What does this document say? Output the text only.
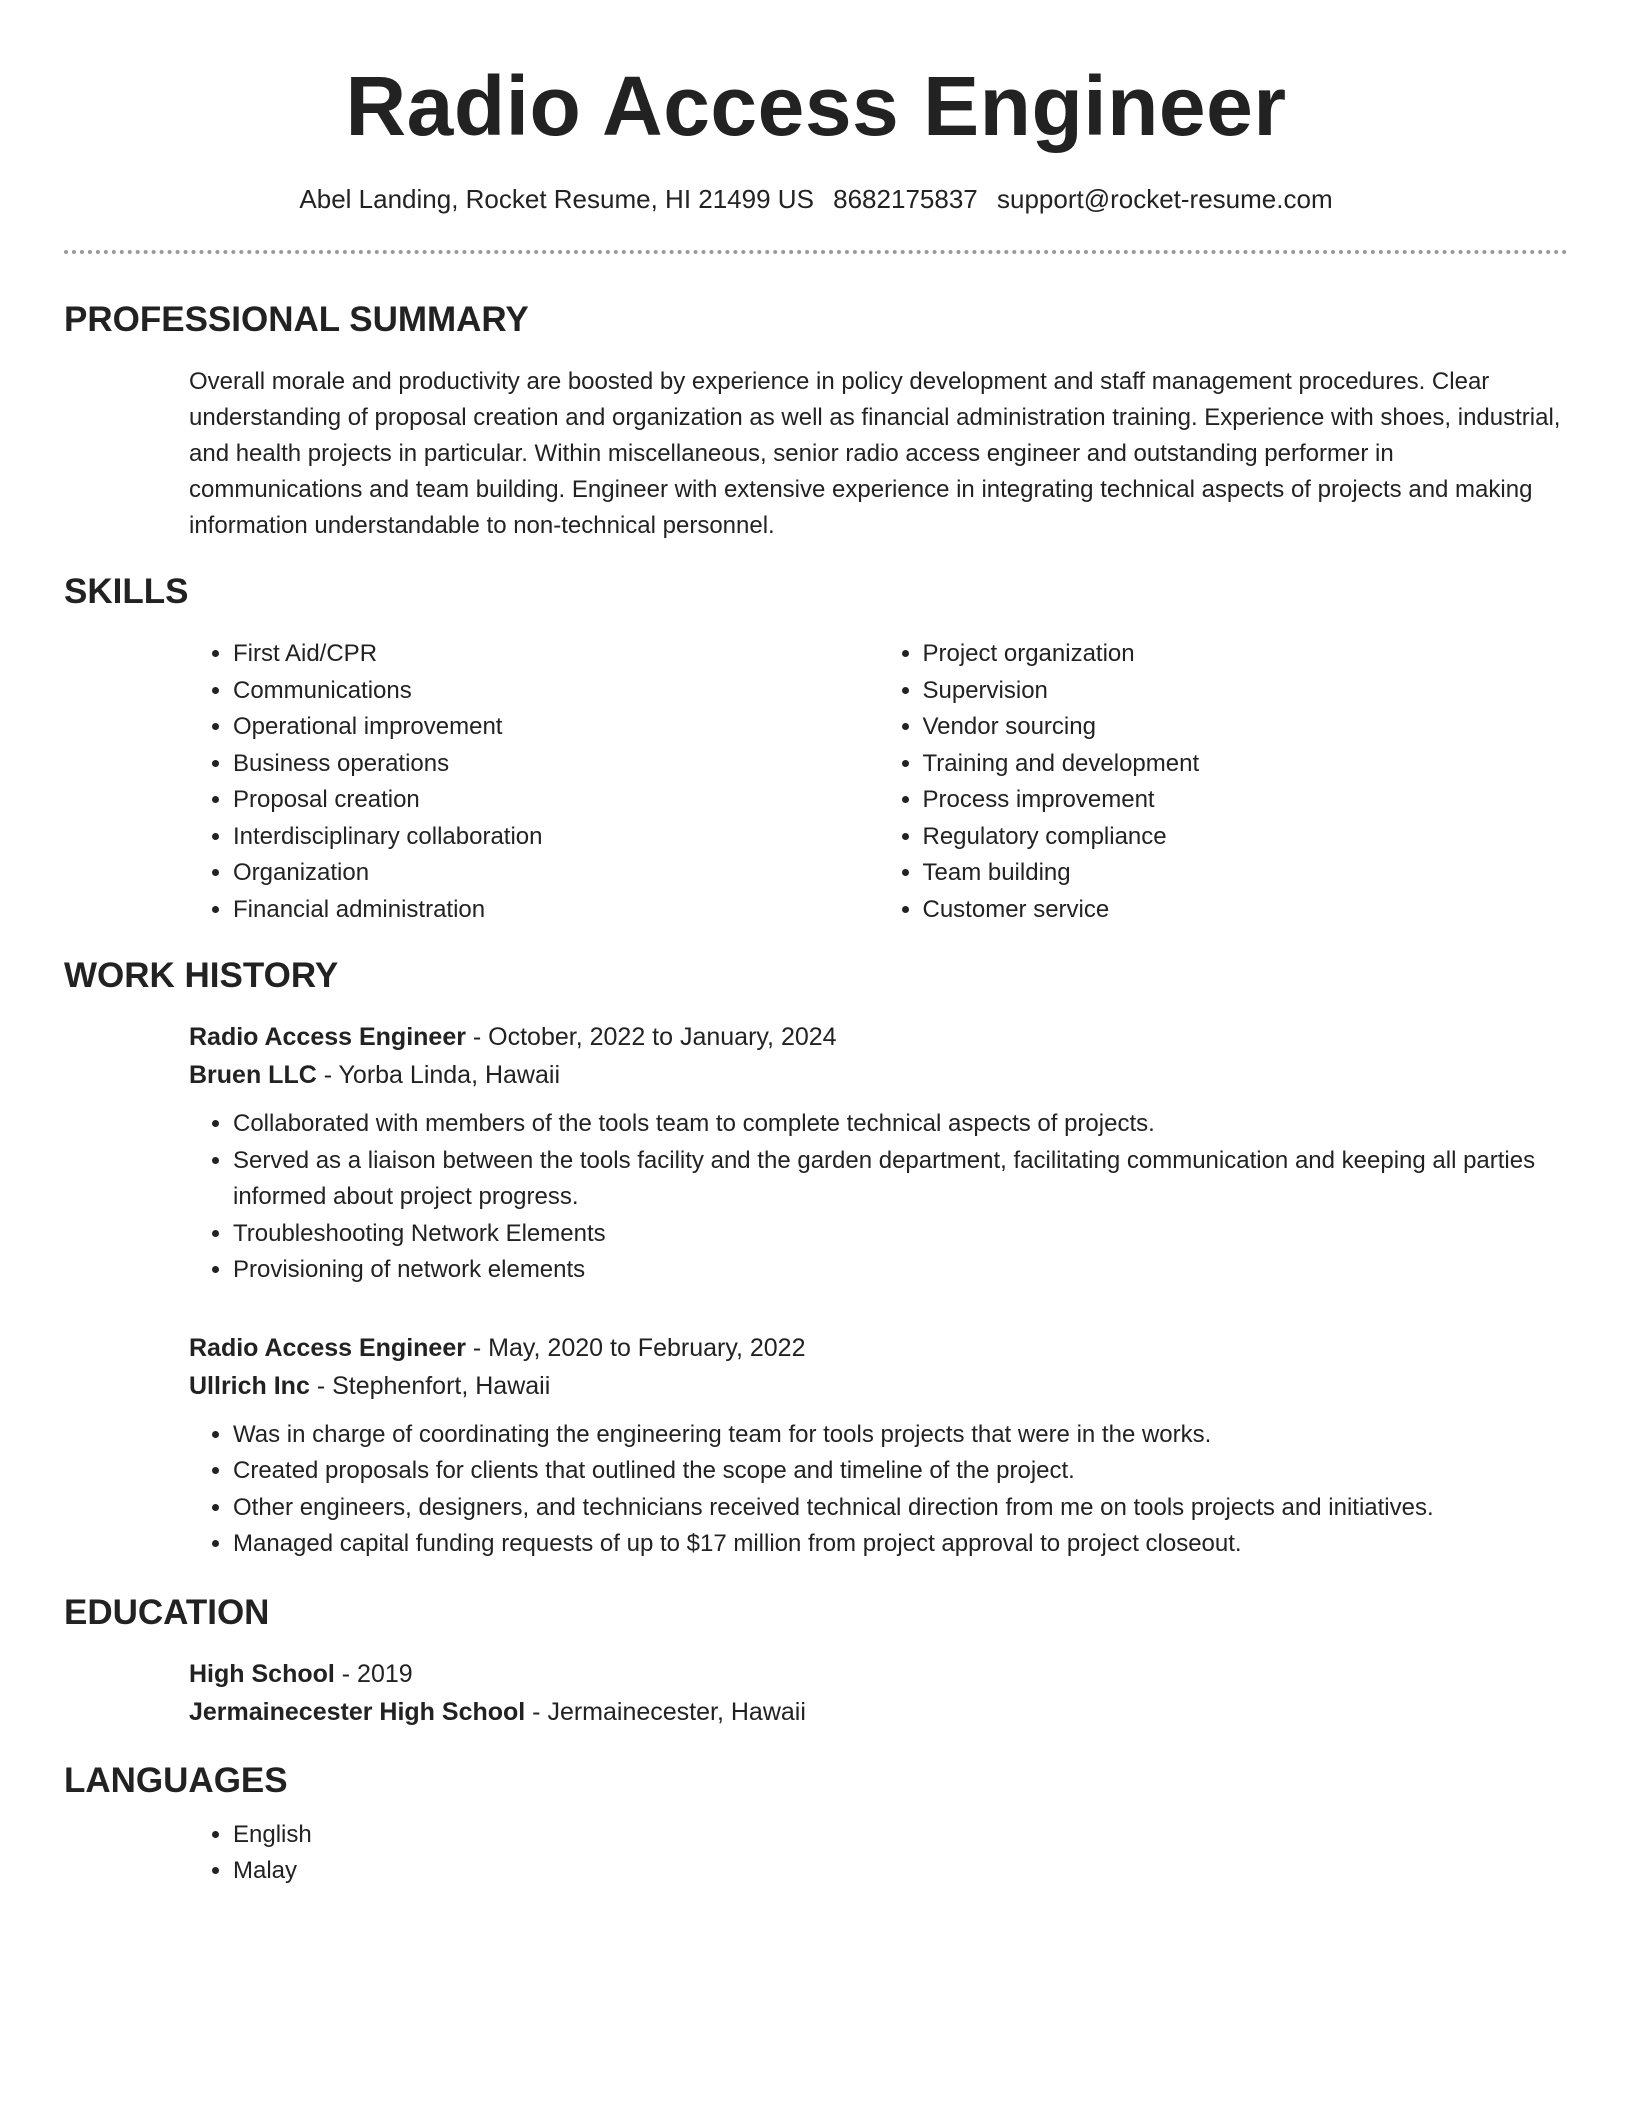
Radio Access Engineer
Abel Landing, Rocket Resume, HI 21499 US 8682175837 support@rocket-resume.com
PROFESSIONAL SUMMARY
Overall morale and productivity are boosted by experience in policy development and staff management procedures. Clear understanding of proposal creation and organization as well as financial administration training. Experience with shoes, industrial, and health projects in particular. Within miscellaneous, senior radio access engineer and outstanding performer in communications and team building. Engineer with extensive experience in integrating technical aspects of projects and making information understandable to non-technical personnel.
SKILLS
• First Aid/CPR
• Communications
• Operational improvement
• Business operations
• Proposal creation
• Interdisciplinary collaboration
• Organization
• Financial administration
• Project organization
• Supervision
• Vendor sourcing
• Training and development
• Process improvement
• Regulatory compliance
• Team building
• Customer service
WORK HISTORY
Radio Access Engineer - October, 2022 to January, 2024
Bruen LLC - Yorba Linda, Hawaii
• Collaborated with members of the tools team to complete technical aspects of projects.
• Served as a liaison between the tools facility and the garden department, facilitating communication and keeping all parties informed about project progress.
• Troubleshooting Network Elements
• Provisioning of network elements
Radio Access Engineer - May, 2020 to February, 2022
Ullrich Inc - Stephenfort, Hawaii
• Was in charge of coordinating the engineering team for tools projects that were in the works.
• Created proposals for clients that outlined the scope and timeline of the project.
• Other engineers, designers, and technicians received technical direction from me on tools projects and initiatives.
• Managed capital funding requests of up to $17 million from project approval to project closeout.
EDUCATION
High School - 2019
Jermainecester High School - Jermainecester, Hawaii
LANGUAGES
• English
• Malay
